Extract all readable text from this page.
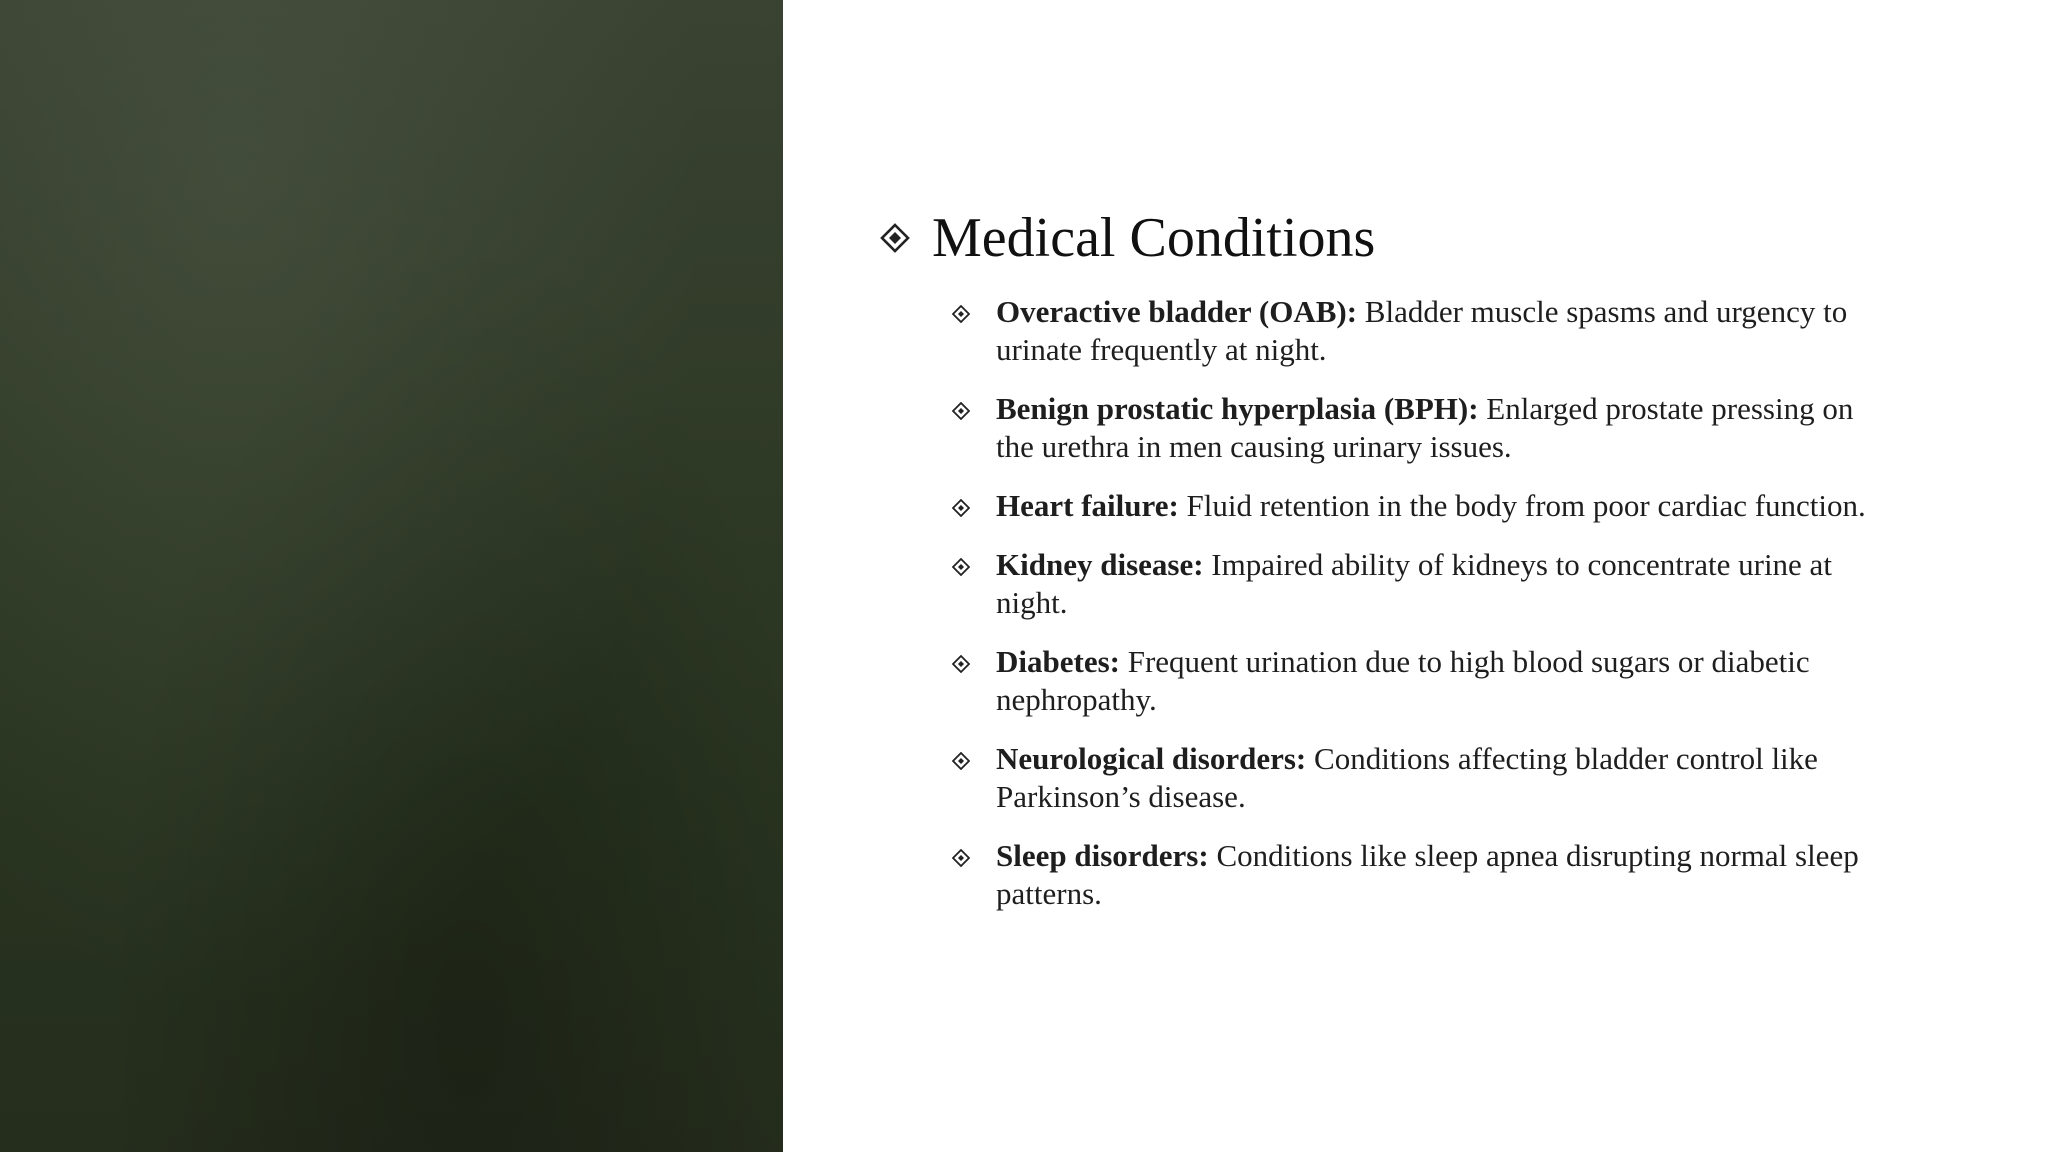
Medical Conditions
Overactive bladder (OAB): Bladder muscle spasms and urgency to urinate frequently at night.
Benign prostatic hyperplasia (BPH): Enlarged prostate pressing on the urethra in men causing urinary issues.
Heart failure: Fluid retention in the body from poor cardiac function.
Kidney disease: Impaired ability of kidneys to concentrate urine at night.
Diabetes: Frequent urination due to high blood sugars or diabetic nephropathy.
Neurological disorders: Conditions affecting bladder control like Parkinson’s disease.
Sleep disorders: Conditions like sleep apnea disrupting normal sleep patterns.
